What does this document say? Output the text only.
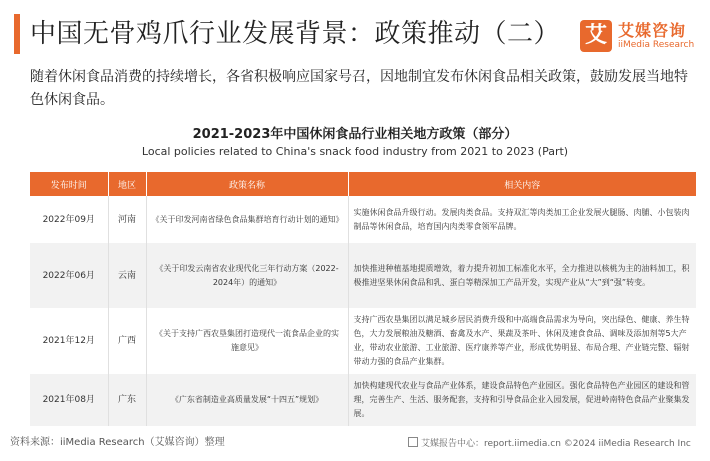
中国无骨鸡爪行业发展背景：政策推动（二） 艾 艾媒咨询
iiMedia Research
随着休闲食品消费的持续增长，各省积极响应国家号召，因地制宜发布休闲食品相关政策，鼓励发展当地特色休闲食品。
2021-2023年中国休闲食品行业相关地方政策（部分）
Local policies related to China's snack food industry from 2021 to 2023 (Part)
发布时间	地区	政策名称	相关内容
2022年09月	河南	《关于印发河南省绿色食品集群培育行动计划的通知》	实施休闲食品升级行动。发展肉类食品。支持双汇等肉类加工企业发展火腿肠、肉脯、小包装肉制品等休闲食品，培育国内肉类零食领军品牌。
2022年06月	云南	《关于印发云南省农业现代化三年行动方案（2022-2024年）的通知》	加快推进种植基地提质增效，着力提升初加工标准化水平，全力推进以核桃为主的油料加工，积极推进坚果休闲食品和乳、蛋白等精深加工产品开发，实现产业从“大”到“强”转变。
2021年12月	广西	《关于支持广西农垦集团打造现代一流食品企业的实施意见》	支持广西农垦集团以满足城乡居民消费升级和中高端食品需求为导向，突出绿色、健康、养生特色，大力发展粮油及糖酒、畜禽及水产、果蔬及茶叶、休闲及速食食品、调味及添加剂等5大产业，带动农业旅游、工业旅游、医疗康养等产业，形成优势明显、布局合理、产业链完整、辐射带动力强的食品产业集群。
2021年08月	广东	《广东省制造业高质量发展“十四五”规划》	加快构建现代农业与食品产业体系，建设食品特色产业园区。强化食品特色产业园区的建设和管理，完善生产、生活、服务配套，支持和引导食品企业入园发展，促进岭南特色食品产业聚集发展。
资料来源：iiMedia Research（艾媒咨询）整理	艾媒报告中心：report.iimedia.cn ©2024 iiMedia Research Inc
